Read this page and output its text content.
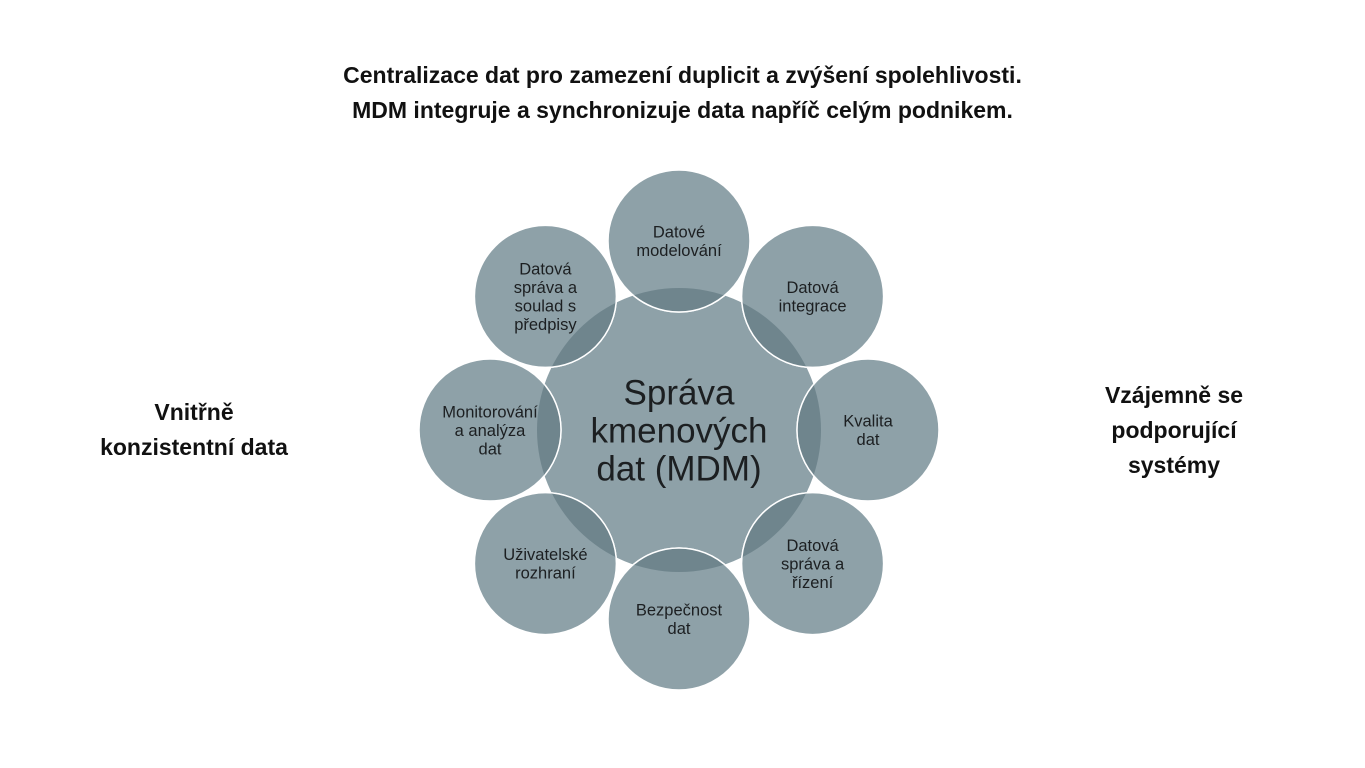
Centralizace dat pro zamezení duplicit a zvýšení spolehlivosti.
MDM integruje a synchronizuje data napříč celým podnikem.
Vnitřně
konzistentní data
Vzájemně se
podporující
systémy
Správa
kmenových
dat (MDM)
Datové
modelování
Datová
integrace
Kvalita
dat
Datová
správa a
řízení
Bezpečnost
dat
Uživatelské
rozhraní
Monitorování
a analýza
dat
Datová
správa a
soulad s
předpisy
